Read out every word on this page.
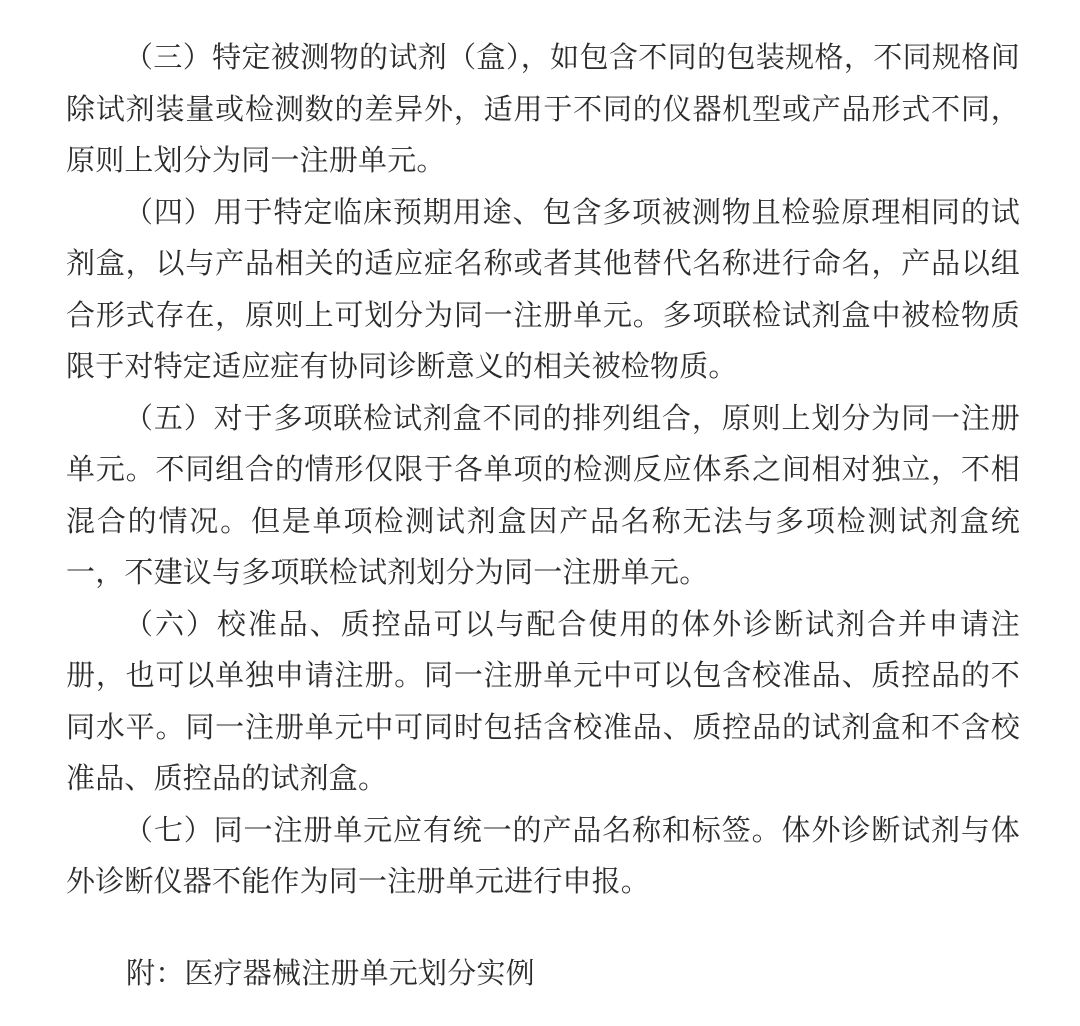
（三）特定被测物的试剂（盒），如包含不同的包装规格，不同规格间除试剂装量或检测数的差异外，适用于不同的仪器机型或产品形式不同，原则上划分为同一注册单元。

（四）用于特定临床预期用途、包含多项被测物且检验原理相同的试剂盒，以与产品相关的适应症名称或者其他替代名称进行命名，产品以组合形式存在，原则上可划分为同一注册单元。多项联检试剂盒中被检物质限于对特定适应症有协同诊断意义的相关被检物质。

（五）对于多项联检试剂盒不同的排列组合，原则上划分为同一注册单元。不同组合的情形仅限于各单项的检测反应体系之间相对独立，不相混合的情况。但是单项检测试剂盒因产品名称无法与多项检测试剂盒统一，不建议与多项联检试剂划分为同一注册单元。

（六）校准品、质控品可以与配合使用的体外诊断试剂合并申请注册，也可以单独申请注册。同一注册单元中可以包含校准品、质控品的不同水平。同一注册单元中可同时包括含校准品、质控品的试剂盒和不含校准品、质控品的试剂盒。

（七）同一注册单元应有统一的产品名称和标签。体外诊断试剂与体外诊断仪器不能作为同一注册单元进行申报。

附：医疗器械注册单元划分实例
